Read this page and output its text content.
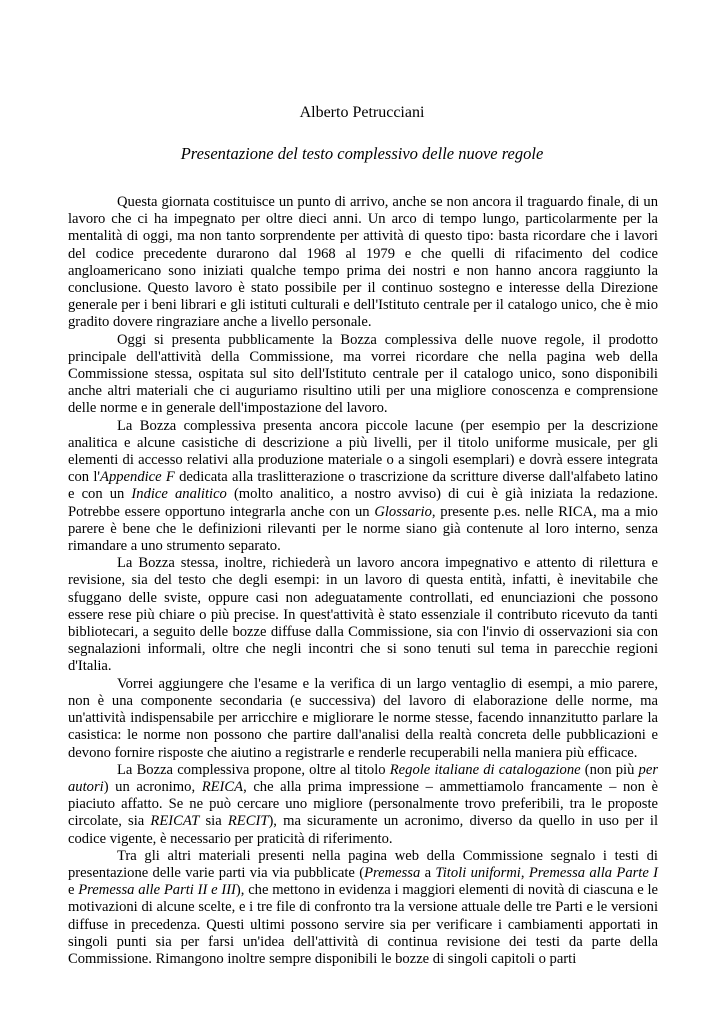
Alberto Petrucciani

Presentazione del testo complessivo delle nuove regole

Questa giornata costituisce un punto di arrivo, anche se non ancora il traguardo finale, di un lavoro che ci ha impegnato per oltre dieci anni. Un arco di tempo lungo, particolarmente per la mentalità di oggi, ma non tanto sorprendente per attività di questo tipo: basta ricordare che i lavori del codice precedente durarono dal 1968 al 1979 e che quelli di rifacimento del codice angloamericano sono iniziati qualche tempo prima dei nostri e non hanno ancora raggiunto la conclusione. Questo lavoro è stato possibile per il continuo sostegno e interesse della Direzione generale per i beni librari e gli istituti culturali e dell'Istituto centrale per il catalogo unico, che è mio gradito dovere ringraziare anche a livello personale.

Oggi si presenta pubblicamente la Bozza complessiva delle nuove regole, il prodotto principale dell'attività della Commissione, ma vorrei ricordare che nella pagina web della Commissione stessa, ospitata sul sito dell'Istituto centrale per il catalogo unico, sono disponibili anche altri materiali che ci auguriamo risultino utili per una migliore conoscenza e comprensione delle norme e in generale dell'impostazione del lavoro.

La Bozza complessiva presenta ancora piccole lacune (per esempio per la descrizione analitica e alcune casistiche di descrizione a più livelli, per il titolo uniforme musicale, per gli elementi di accesso relativi alla produzione materiale o a singoli esemplari) e dovrà essere integrata con l'Appendice F dedicata alla traslitterazione o trascrizione da scritture diverse dall'alfabeto latino e con un Indice analitico (molto analitico, a nostro avviso) di cui è già iniziata la redazione. Potrebbe essere opportuno integrarla anche con un Glossario, presente p.es. nelle RICA, ma a mio parere è bene che le definizioni rilevanti per le norme siano già contenute al loro interno, senza rimandare a uno strumento separato.

La Bozza stessa, inoltre, richiederà un lavoro ancora impegnativo e attento di rilettura e revisione, sia del testo che degli esempi: in un lavoro di questa entità, infatti, è inevitabile che sfuggano delle sviste, oppure casi non adeguatamente controllati, ed enunciazioni che possono essere rese più chiare o più precise. In quest'attività è stato essenziale il contributo ricevuto da tanti bibliotecari, a seguito delle bozze diffuse dalla Commissione, sia con l'invio di osservazioni sia con segnalazioni informali, oltre che negli incontri che si sono tenuti sul tema in parecchie regioni d'Italia.

Vorrei aggiungere che l'esame e la verifica di un largo ventaglio di esempi, a mio parere, non è una componente secondaria (e successiva) del lavoro di elaborazione delle norme, ma un'attività indispensabile per arricchire e migliorare le norme stesse, facendo innanzitutto parlare la casistica: le norme non possono che partire dall'analisi della realtà concreta delle pubblicazioni e devono fornire risposte che aiutino a registrarle e renderle recuperabili nella maniera più efficace.

La Bozza complessiva propone, oltre al titolo Regole italiane di catalogazione (non più per autori) un acronimo, REICA, che alla prima impressione – ammettiamolo francamente – non è piaciuto affatto. Se ne può cercare uno migliore (personalmente trovo preferibili, tra le proposte circolate, sia REICAT sia RECIT), ma sicuramente un acronimo, diverso da quello in uso per il codice vigente, è necessario per praticità di riferimento.

Tra gli altri materiali presenti nella pagina web della Commissione segnalo i testi di presentazione delle varie parti via via pubblicate (Premessa a Titoli uniformi, Premessa alla Parte I e Premessa alle Parti II e III), che mettono in evidenza i maggiori elementi di novità di ciascuna e le motivazioni di alcune scelte, e i tre file di confronto tra la versione attuale delle tre Parti e le versioni diffuse in precedenza. Questi ultimi possono servire sia per verificare i cambiamenti apportati in singoli punti sia per farsi un'idea dell'attività di continua revisione dei testi da parte della Commissione. Rimangono inoltre sempre disponibili le bozze di singoli capitoli o parti
